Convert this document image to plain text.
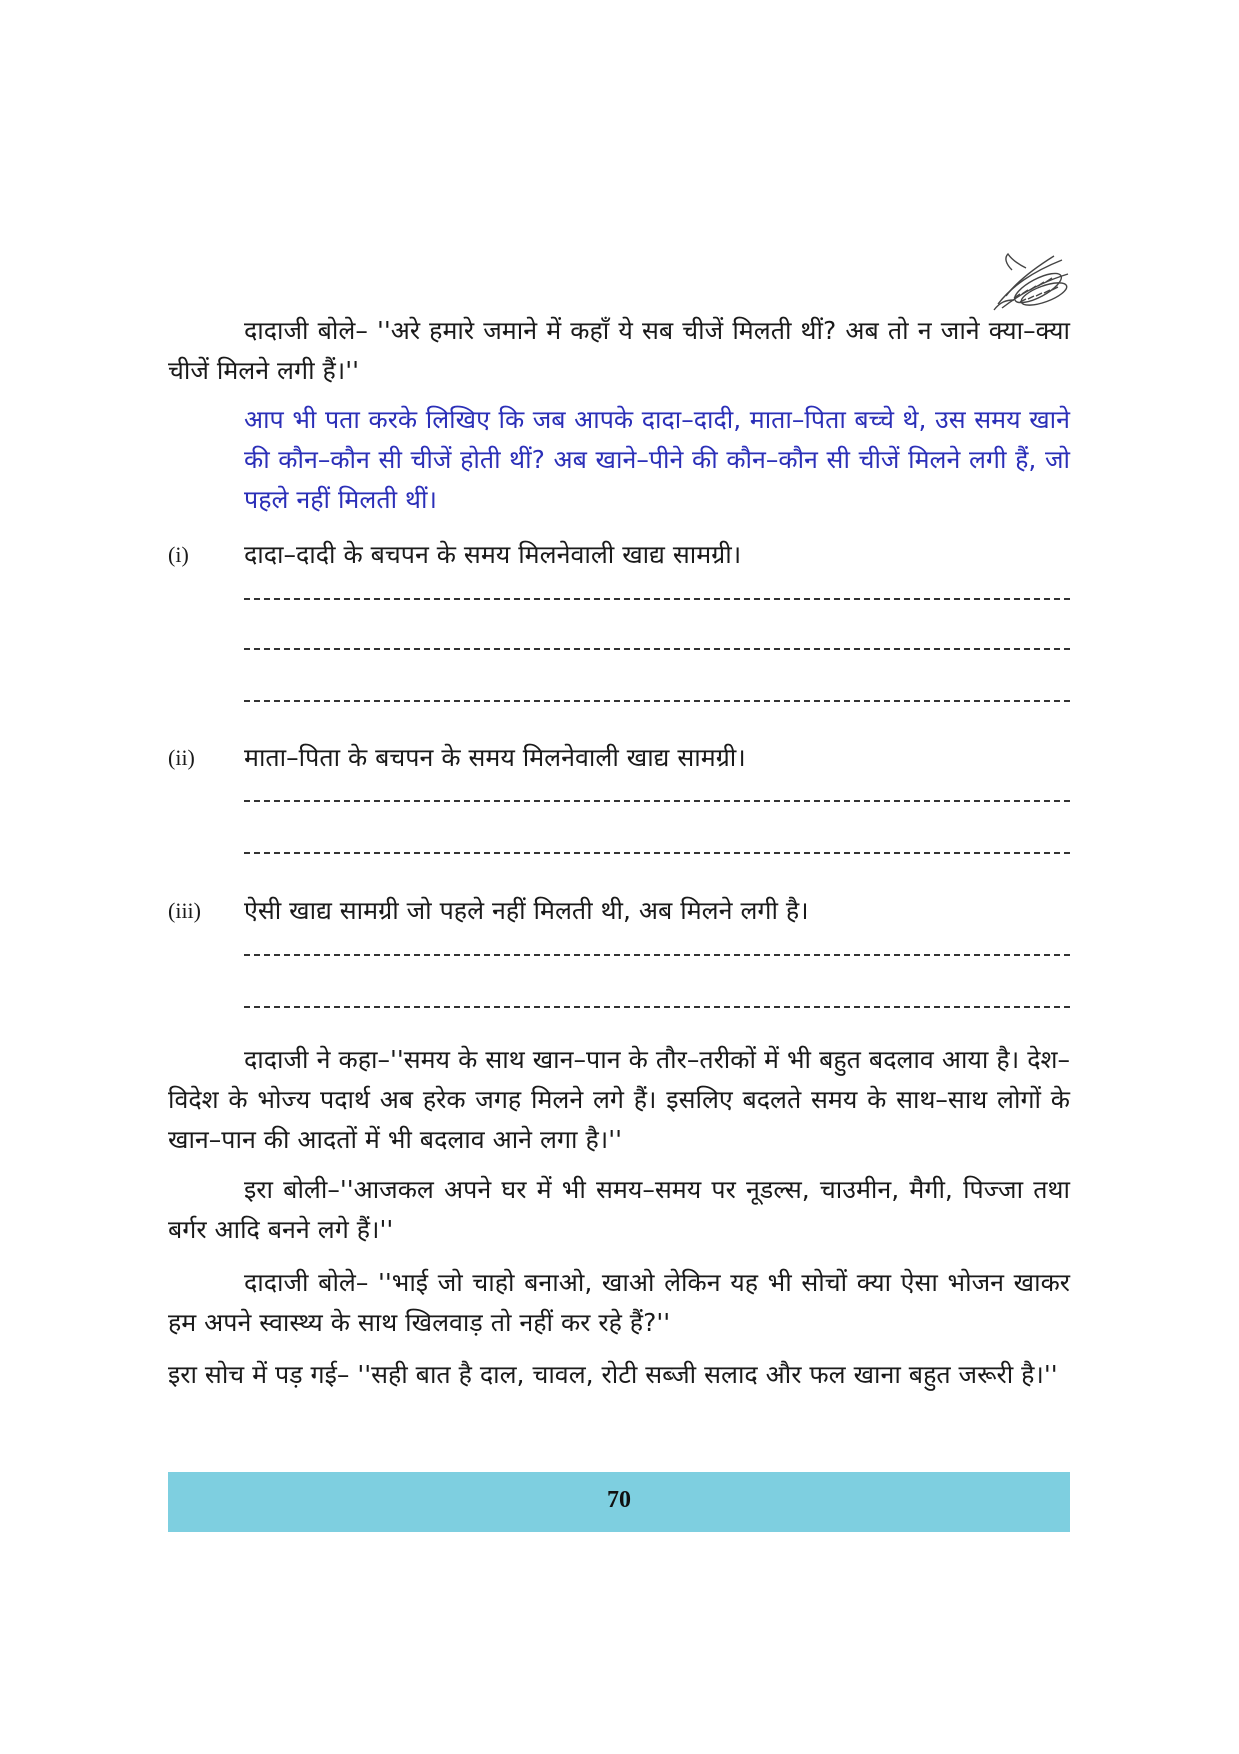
दादाजी बोले– ''अरे हमारे जमाने में कहाँ ये सब चीजें मिलती थीं? अब तो न जाने क्या–क्या चीजें मिलने लगी हैं।''

आप भी पता करके लिखिए कि जब आपके दादा–दादी, माता–पिता बच्चे थे, उस समय खाने की कौन–कौन सी चीजें होती थीं? अब खाने–पीने की कौन–कौन सी चीजें मिलने लगी हैं, जो पहले नहीं मिलती थीं।

(i) दादा–दादी के बचपन के समय मिलनेवाली खाद्य सामग्री।
(ii) माता–पिता के बचपन के समय मिलनेवाली खाद्य सामग्री।
(iii) ऐसी खाद्य सामग्री जो पहले नहीं मिलती थी, अब मिलने लगी है।

दादाजी ने कहा–''समय के साथ खान–पान के तौर–तरीकों में भी बहुत बदलाव आया है। देश–विदेश के भोज्य पदार्थ अब हरेक जगह मिलने लगे हैं। इसलिए बदलते समय के साथ–साथ लोगों के खान–पान की आदतों में भी बदलाव आने लगा है।''

इरा बोली–''आजकल अपने घर में भी समय–समय पर नूडल्स, चाउमीन, मैगी, पिज्जा तथा बर्गर आदि बनने लगे हैं।''

दादाजी बोले– ''भाई जो चाहो बनाओ, खाओ लेकिन यह भी सोचों क्या ऐसा भोजन खाकर हम अपने स्वास्थ्य के साथ खिलवाड़ तो नहीं कर रहे हैं?''

इरा सोच में पड़ गई– ''सही बात है दाल, चावल, रोटी सब्जी सलाद और फल खाना बहुत जरूरी है।''

70
